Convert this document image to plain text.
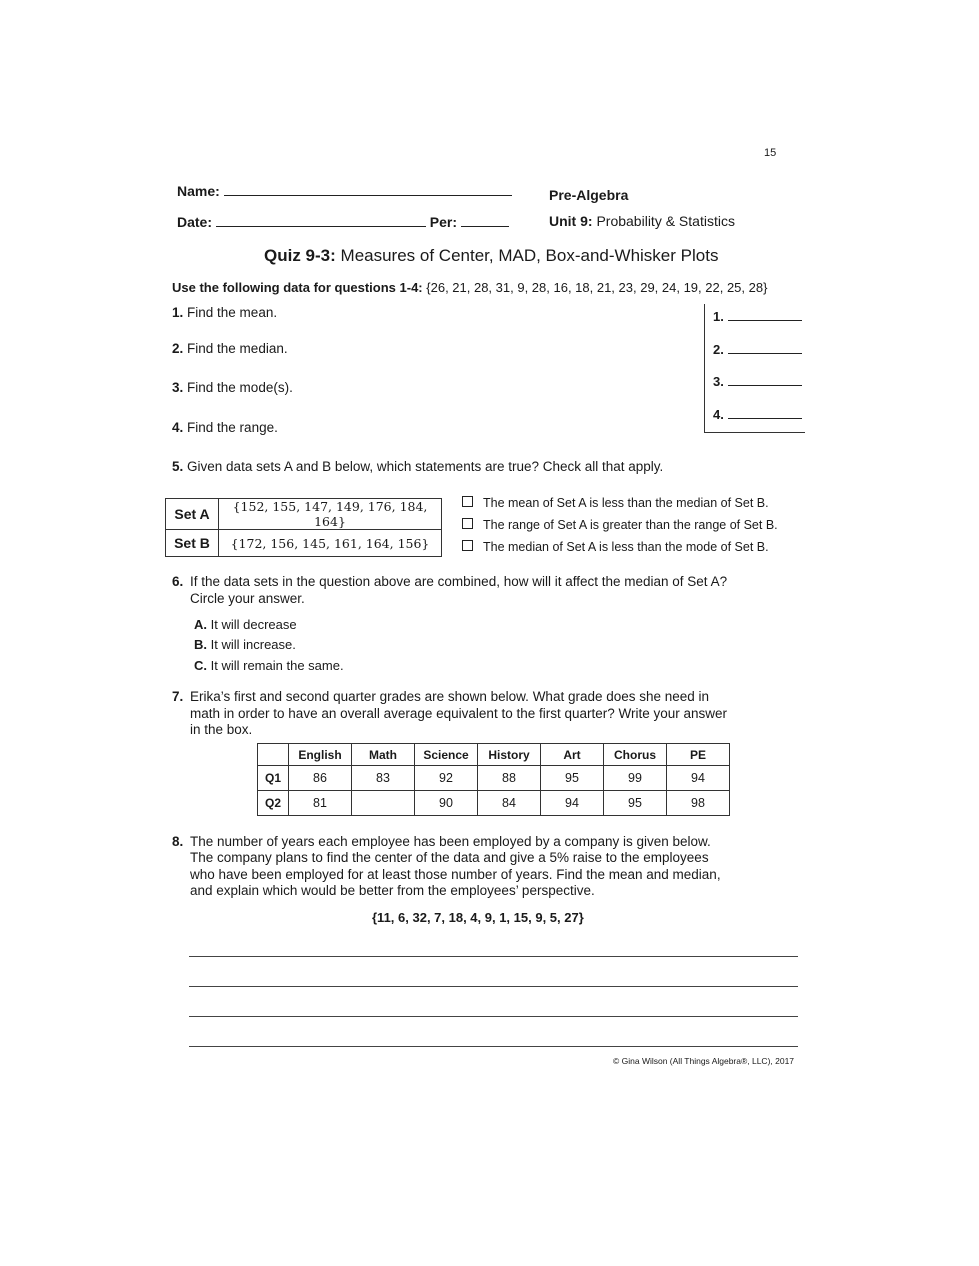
15
Name:
Date:	Per:
Pre-Algebra
Unit 9: Probability & Statistics
Quiz 9-3: Measures of Center, MAD, Box-and-Whisker Plots
Use the following data for questions 1-4: {26, 21, 28, 31, 9, 28, 16, 18, 21, 23, 29, 24, 19, 22, 25, 28}
1. Find the mean.
2. Find the median.
3. Find the mode(s).
4. Find the range.
1.
2.
3.
4.
5. Given data sets A and B below, which statements are true? Check all that apply.
Set A	{152, 155, 147, 149, 176, 184, 164}
Set B	{172, 156, 145, 161, 164, 156}
The mean of Set A is less than the median of Set B.
The range of Set A is greater than the range of Set B.
The median of Set A is less than the mode of Set B.
6. If the data sets in the question above are combined, how will it affect the median of Set A?
Circle your answer.
A. It will decrease
B. It will increase.
C. It will remain the same.
7. Erika’s first and second quarter grades are shown below. What grade does she need in
math in order to have an overall average equivalent to the first quarter? Write your answer
in the box.
	English	Math	Science	History	Art	Chorus	PE
Q1	86	83	92	88	95	99	94
Q2	81		90	84	94	95	98
8. The number of years each employee has been employed by a company is given below.
The company plans to find the center of the data and give a 5% raise to the employees
who have been employed for at least those number of years. Find the mean and median,
and explain which would be better from the employees’ perspective.
{11, 6, 32, 7, 18, 4, 9, 1, 15, 9, 5, 27}
© Gina Wilson (All Things Algebra®, LLC), 2017
